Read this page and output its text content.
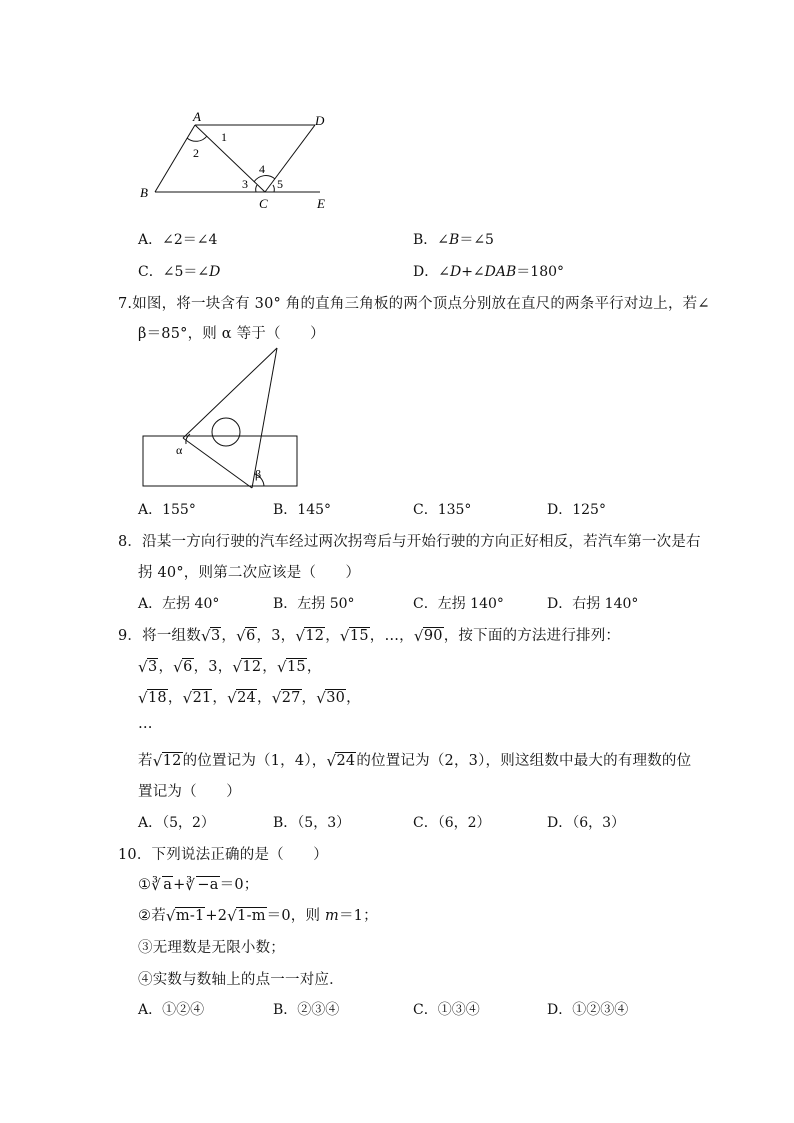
A	D
B
C	E
1
2
3
4
5
A．∠2＝∠4	B．∠B＝∠5
C．∠5＝∠D	D．∠D+∠DAB＝180°
7.如图，将一块含有 30° 角的直角三角板的两个顶点分别放在直尺的两条平行对边上，若∠
β＝85°，则 α 等于（　　）
α
β
A．155°	B．145°	C．135°	D．125°
8．沿某一方向行驶的汽车经过两次拐弯后与开始行驶的方向正好相反，若汽车第一次是右
拐 40°，则第二次应该是（　　）
A．左拐 40°	B．左拐 50°	C．左拐 140°	D．右拐 140°
9．将一组数 √ 3， √ 6，3， √ 12， √ 15，…， √ 90，按下面的方法进行排列：
√ 3， √ 6，3， √ 12， √ 15，
√ 18， √ 21， √ 24， √ 27， √ 30，
…
若 √ 12的位置记为（1，4）， √ 24的位置记为（2，3），则这组数中最大的有理数的位
置记为（　　）
A．（5，2）	B．（5，3）	C．（6，2）	D．（6，3）
10．下列说法正确的是（　　）
① ∛ a+ ∛ −a＝0；
②若 √ m-1+2 √ 1-m＝0，则 m＝1；
③无理数是无限小数；
④实数与数轴上的点一一对应．
A．①②④	B．②③④	C．①③④	D．①②③④
